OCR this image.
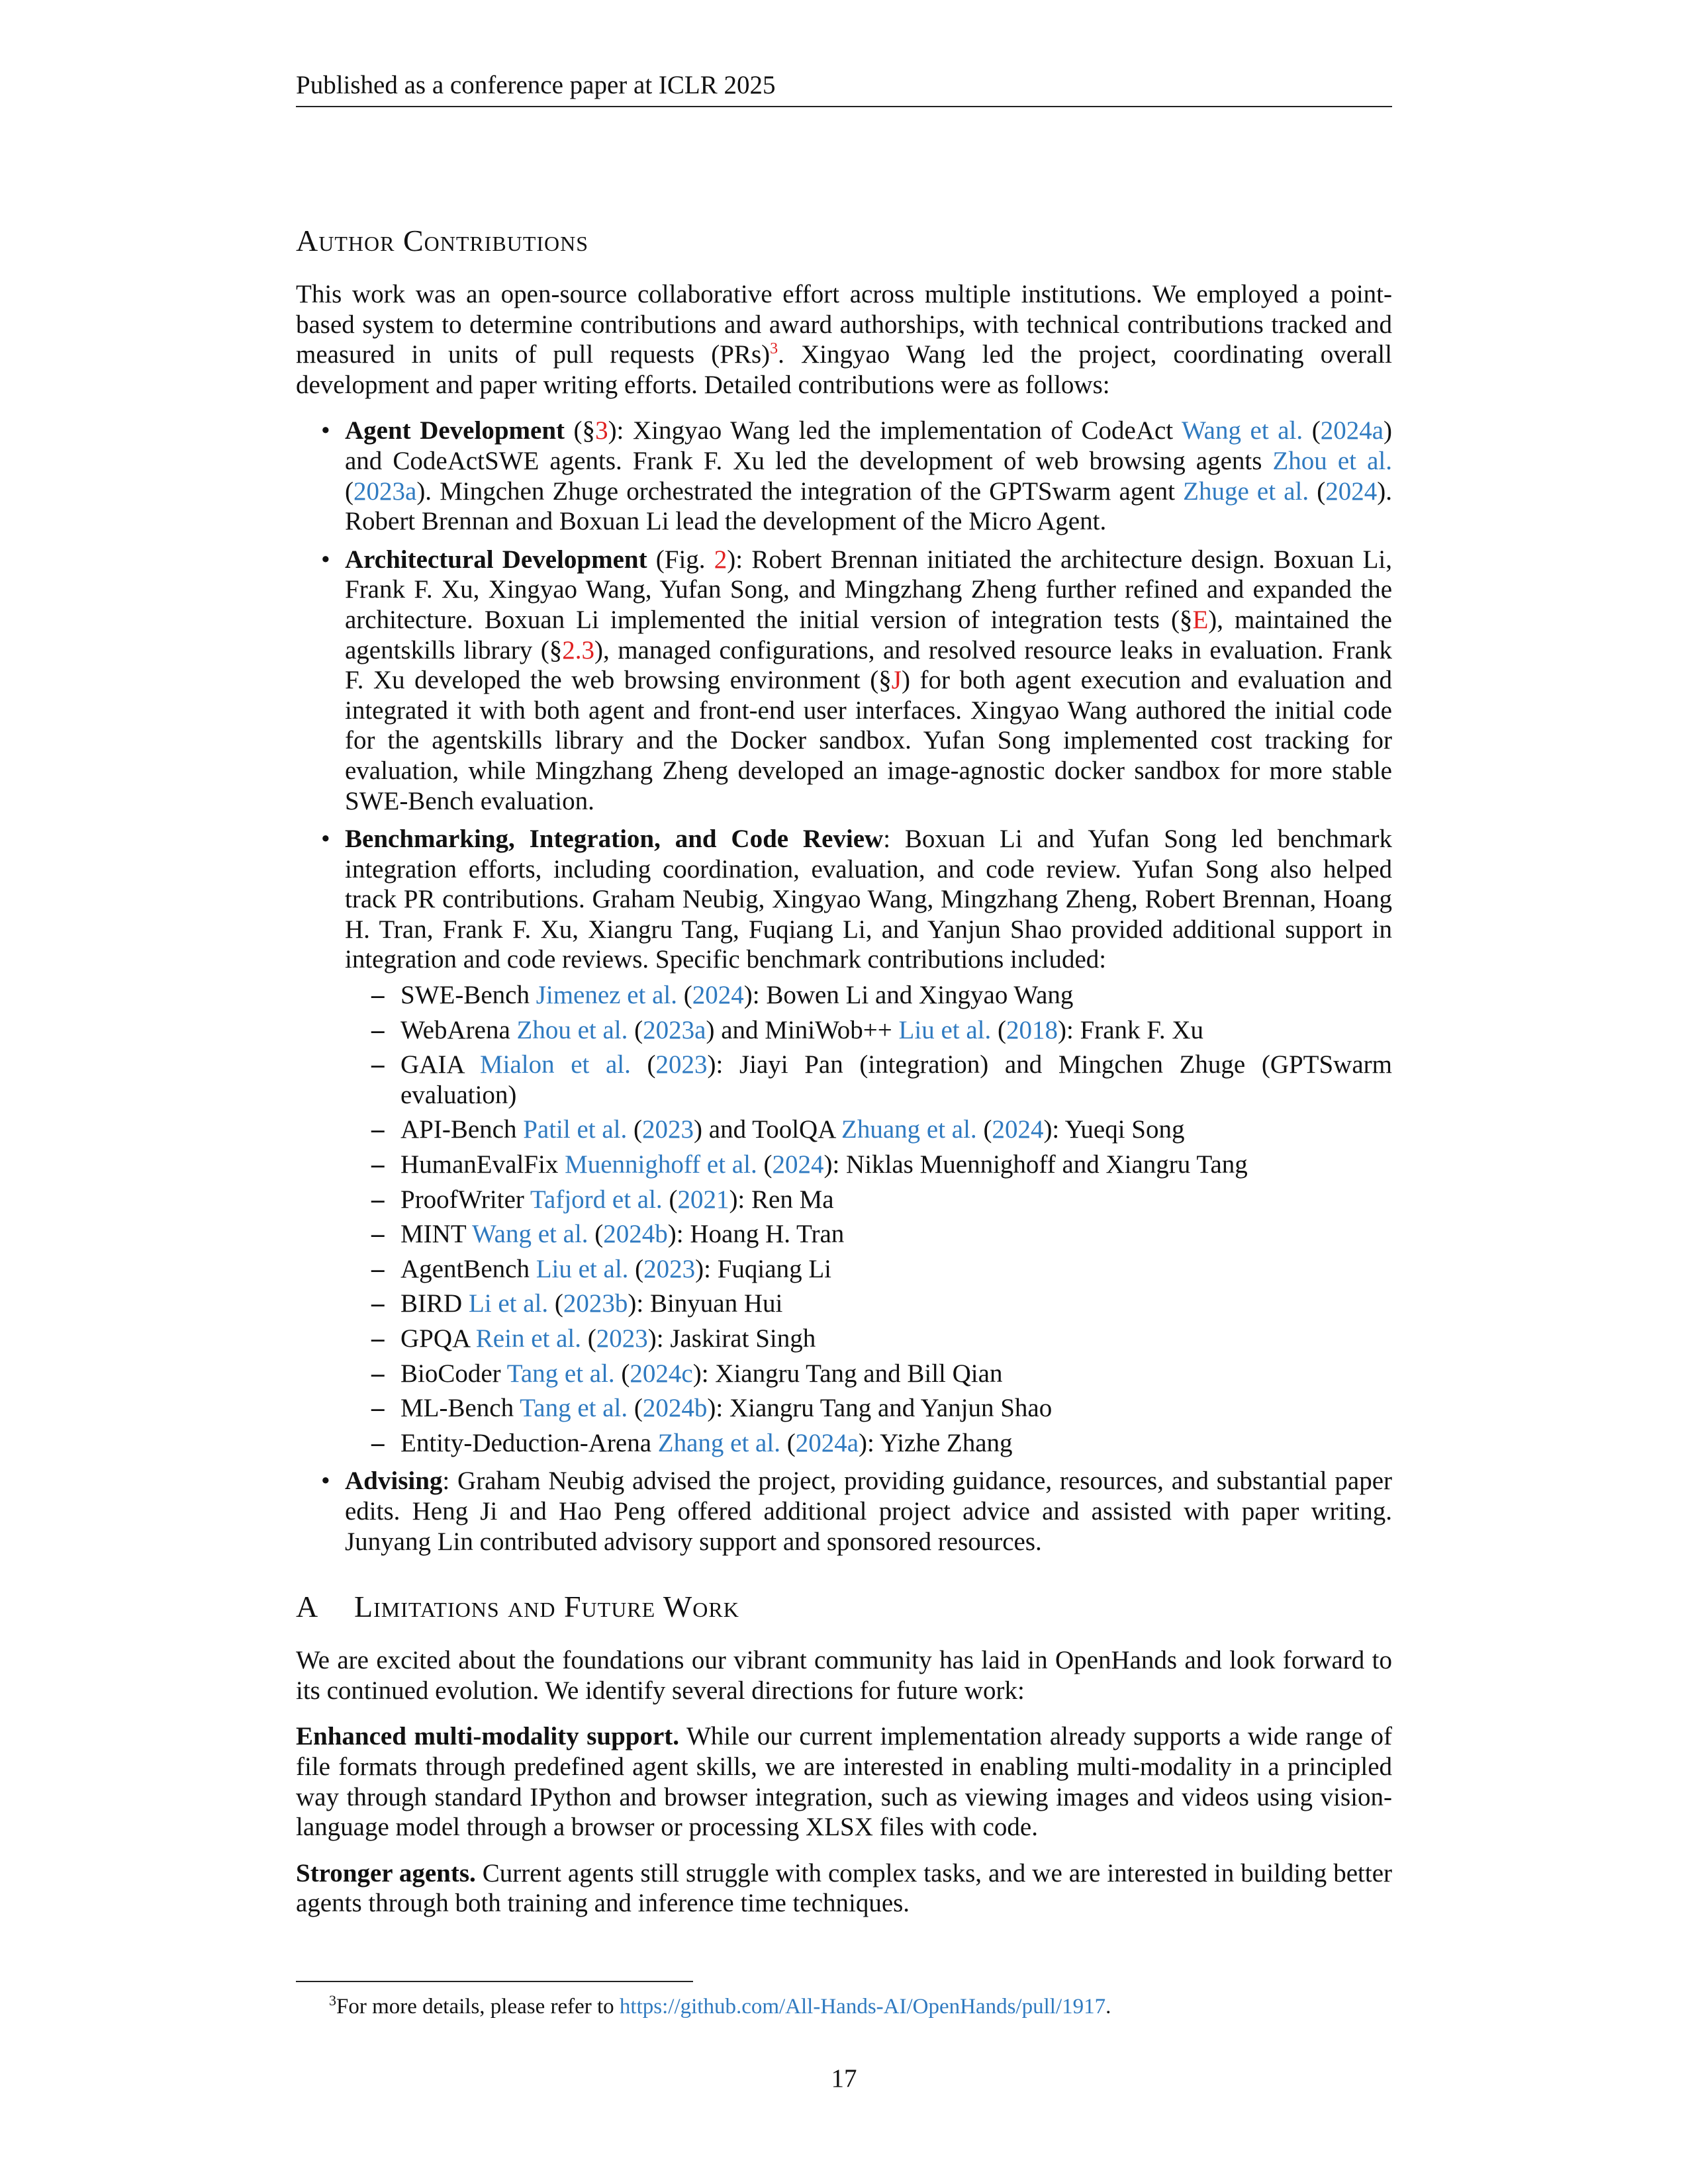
Published as a conference paper at ICLR 2025
Author Contributions

This work was an open-source collaborative effort across multiple institutions. We employed a point-based system to determine contributions and award authorships, with technical contributions tracked and measured in units of pull requests (PRs)$^3$. Xingyao Wang led the project, coordinating overall development and paper writing efforts. Detailed contributions were as follows:

• Agent Development (§3): Xingyao Wang led the implementation of CodeAct Wang et al. (2024a) and CodeActSWE agents. Frank F. Xu led the development of web browsing agents Zhou et al. (2023a). Mingchen Zhuge orchestrated the integration of the GPTSwarm agent Zhuge et al. (2024). Robert Brennan and Boxuan Li lead the development of the Micro Agent.
• Architectural Development (Fig. 2): Robert Brennan initiated the architecture design. Boxuan Li, Frank F. Xu, Xingyao Wang, Yufan Song, and Mingzhang Zheng further refined and expanded the architecture. Boxuan Li implemented the initial version of integration tests (§E), maintained the agentskills library (§2.3), managed configurations, and resolved resource leaks in evaluation. Frank F. Xu developed the web browsing environment (§J) for both agent execution and evaluation and integrated it with both agent and front-end user interfaces. Xingyao Wang authored the initial code for the agentskills library and the Docker sandbox. Yufan Song implemented cost tracking for evaluation, while Mingzhang Zheng developed an image-agnostic docker sandbox for more stable SWE-Bench evaluation.
• Benchmarking, Integration, and Code Review: Boxuan Li and Yufan Song led benchmark integration efforts, including coordination, evaluation, and code review. Yufan Song also helped track PR contributions. Graham Neubig, Xingyao Wang, Mingzhang Zheng, Robert Brennan, Hoang H. Tran, Frank F. Xu, Xiangru Tang, Fuqiang Li, and Yanjun Shao provided additional support in integration and code reviews. Specific benchmark contributions included:
– SWE-Bench Jimenez et al. (2024): Bowen Li and Xingyao Wang
– WebArena Zhou et al. (2023a) and MiniWob++ Liu et al. (2018): Frank F. Xu
– GAIA Mialon et al. (2023): Jiayi Pan (integration) and Mingchen Zhuge (GPTSwarm evaluation)
– API-Bench Patil et al. (2023) and ToolQA Zhuang et al. (2024): Yueqi Song
– HumanEvalFix Muennighoff et al. (2024): Niklas Muennighoff and Xiangru Tang
– ProofWriter Tafjord et al. (2021): Ren Ma
– MINT Wang et al. (2024b): Hoang H. Tran
– AgentBench Liu et al. (2023): Fuqiang Li
– BIRD Li et al. (2023b): Binyuan Hui
– GPQA Rein et al. (2023): Jaskirat Singh
– BioCoder Tang et al. (2024c): Xiangru Tang and Bill Qian
– ML-Bench Tang et al. (2024b): Xiangru Tang and Yanjun Shao
– Entity-Deduction-Arena Zhang et al. (2024a): Yizhe Zhang
• Advising: Graham Neubig advised the project, providing guidance, resources, and substantial paper edits. Heng Ji and Hao Peng offered additional project advice and assisted with paper writing. Junyang Lin contributed advisory support and sponsored resources.
A Limitations and Future Work

We are excited about the foundations our vibrant community has laid in OpenHands and look forward to its continued evolution. We identify several directions for future work:

Enhanced multi-modality support. While our current implementation already supports a wide range of file formats through predefined agent skills, we are interested in enabling multi-modality in a principled way through standard IPython and browser integration, such as viewing images and videos using vision-language model through a browser or processing XLSX files with code.

Stronger agents. Current agents still struggle with complex tasks, and we are interested in building better agents through both training and inference time techniques.

$^3$For more details, please refer to https://github.com/All-Hands-AI/OpenHands/pull/1917.
17
